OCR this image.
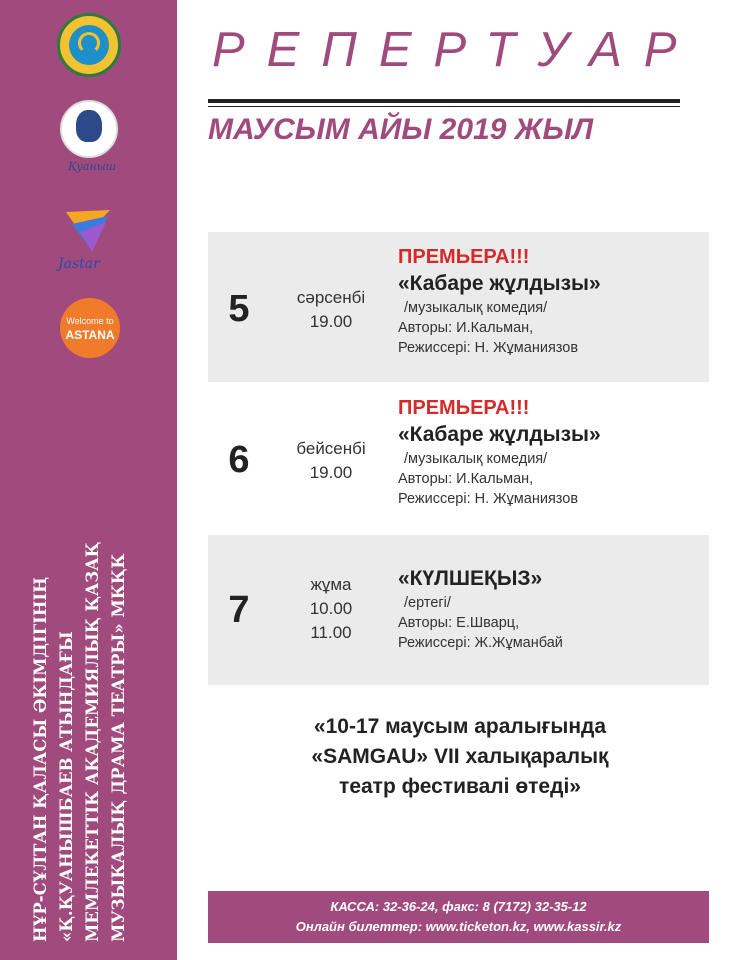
Қуаныш
Jastar
Welcome to
ASTANA
НҰР-СҰЛТАН ҚАЛАСЫ ӘКІМДІГІНІҢ «Қ.ҚУАНЫШБАЕВ АТЫНДАҒЫ МЕМЛЕКЕТТІК АКАДЕМИЯЛЫҚ ҚАЗАҚ МУЗЫКАЛЫҚ ДРАМА ТЕАТРЫ» МКҚК
РЕПЕРТУАР
МАУСЫМ АЙЫ 2019 ЖЫЛ
5	сәрсенбі
19.00
ПРЕМЬЕРА!!!
«Кабаре жұлдызы»
/музыкалық комедия/
Авторы: И.Кальман,
Режиссері: Н. Жұманиязов
6	бейсенбі
19.00
ПРЕМЬЕРА!!!
«Кабаре жұлдызы»
/музыкалық комедия/
Авторы: И.Кальман,
Режиссері: Н. Жұманиязов
7
жұма
10.00
11.00
«КҮЛШЕҚЫЗ»
/ертегі/
Авторы: Е.Шварц,
Режиссері: Ж.Жұманбай
«10-17 маусым аралығында
«SAMGAU» VII халықаралық
театр фестивалі өтеді»
КАССА: 32-36-24, факс: 8 (7172) 32-35-12
Онлайн билеттер: www.ticketon.kz, www.kassir.kz
